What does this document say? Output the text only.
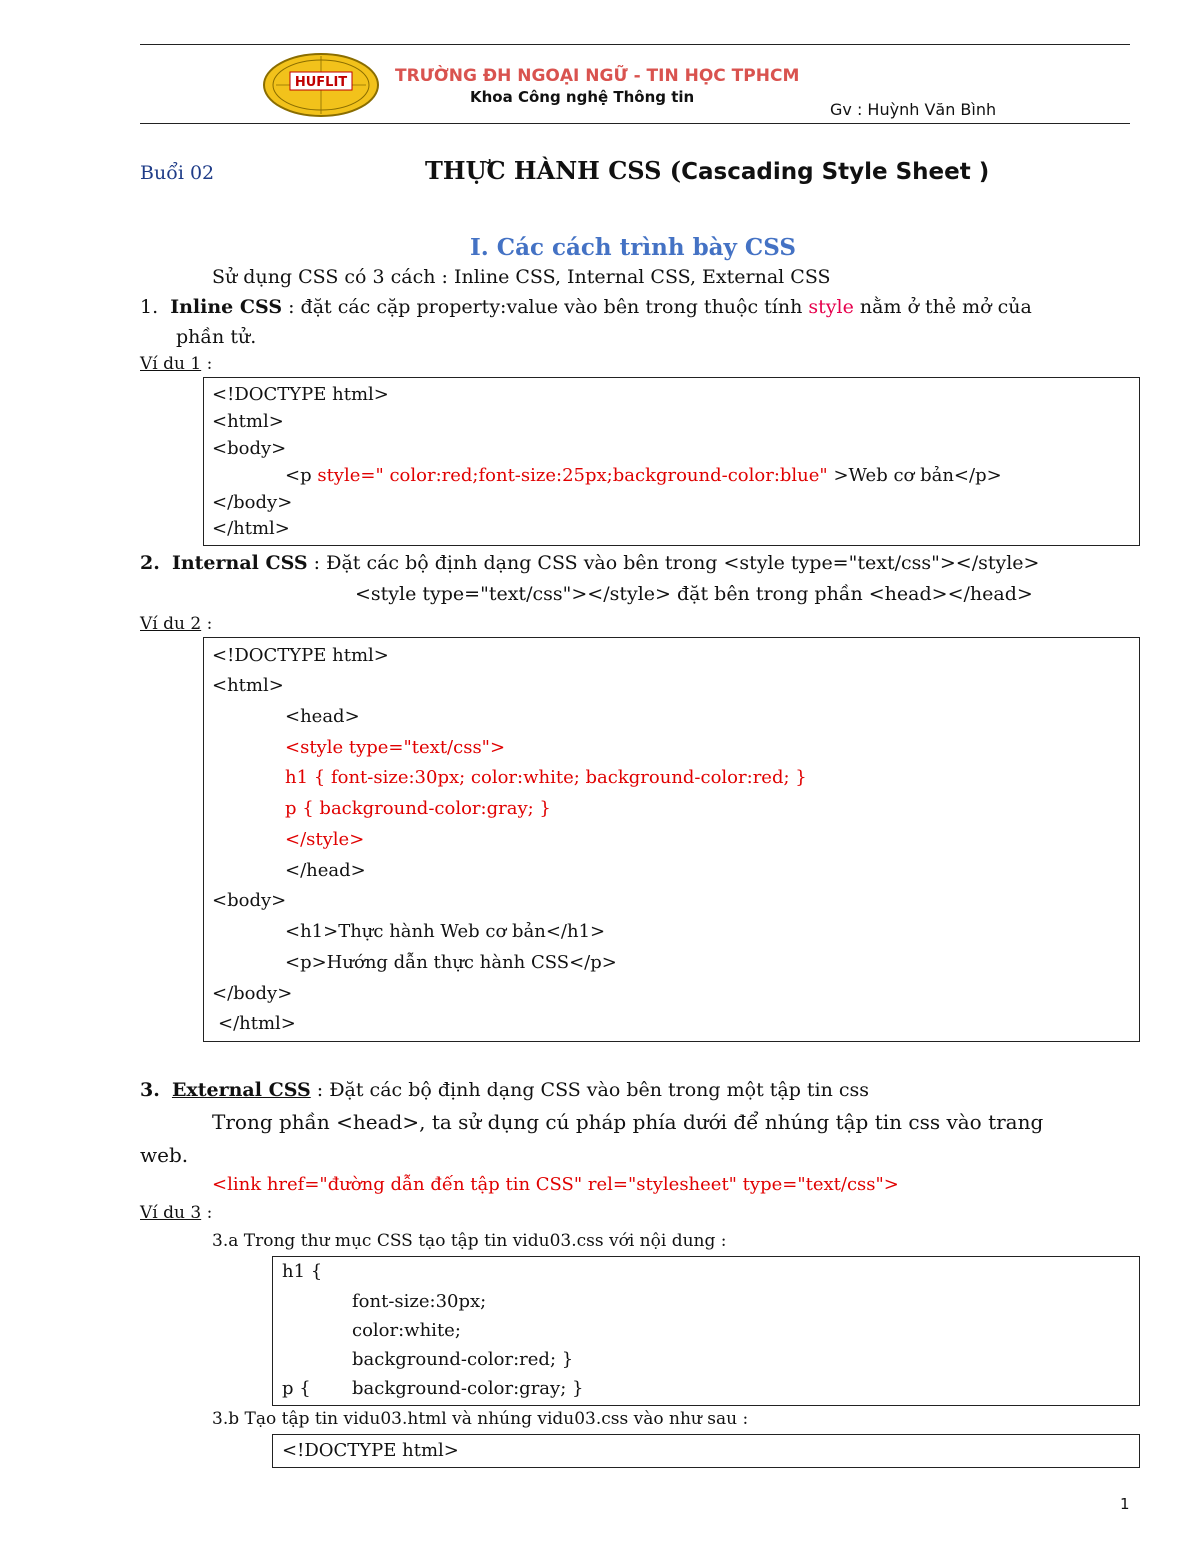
HUFLIT	TRƯỜNG ĐH NGOẠI NGỮ - TIN HỌC TPHCM
Khoa Công nghệ Thông tin
Gv : Huỳnh Văn Bình
Buổi 02	THỰC HÀNH CSS (Cascading Style Sheet )
I. Các cách trình bày CSS
Sử dụng CSS có 3 cách : Inline CSS, Internal CSS, External CSS
1. Inline CSS : đặt các cặp property:value vào bên trong thuộc tính style nằm ở thẻ mở của
phần tử.
Ví du 1 :
<!DOCTYPE html>
<html>
<body>
<p style=" color:red;font-size:25px;background-color:blue" >Web cơ bản</p>
</body>
</html>
2. Internal CSS : Đặt các bộ định dạng CSS vào bên trong <style type="text/css"></style>
<style type="text/css"></style> đặt bên trong phần <head></head>
Ví du 2 :
<!DOCTYPE html>
<html>
<head>
<style type="text/css">
h1 { font-size:30px; color:white; background-color:red; }
p { background-color:gray; }
</style>
</head>
<body>
<h1>Thực hành Web cơ bản</h1>
<p>Hướng dẫn thực hành CSS</p>
</body>
</html>
3. External CSS : Đặt các bộ định dạng CSS vào bên trong một tập tin css
Trong phần <head>, ta sử dụng cú pháp phía dưới để nhúng tập tin css vào trang
web.
<link href="đường dẫn đến tập tin CSS" rel="stylesheet" type="text/css">
Ví du 3 :
3.a Trong thư mục CSS tạo tập tin vidu03.css với nội dung :
h1 {
font-size:30px;
color:white;
background-color:red; }
p { background-color:gray; }
3.b Tạo tập tin vidu03.html và nhúng vidu03.css vào như sau :
<!DOCTYPE html>
1
